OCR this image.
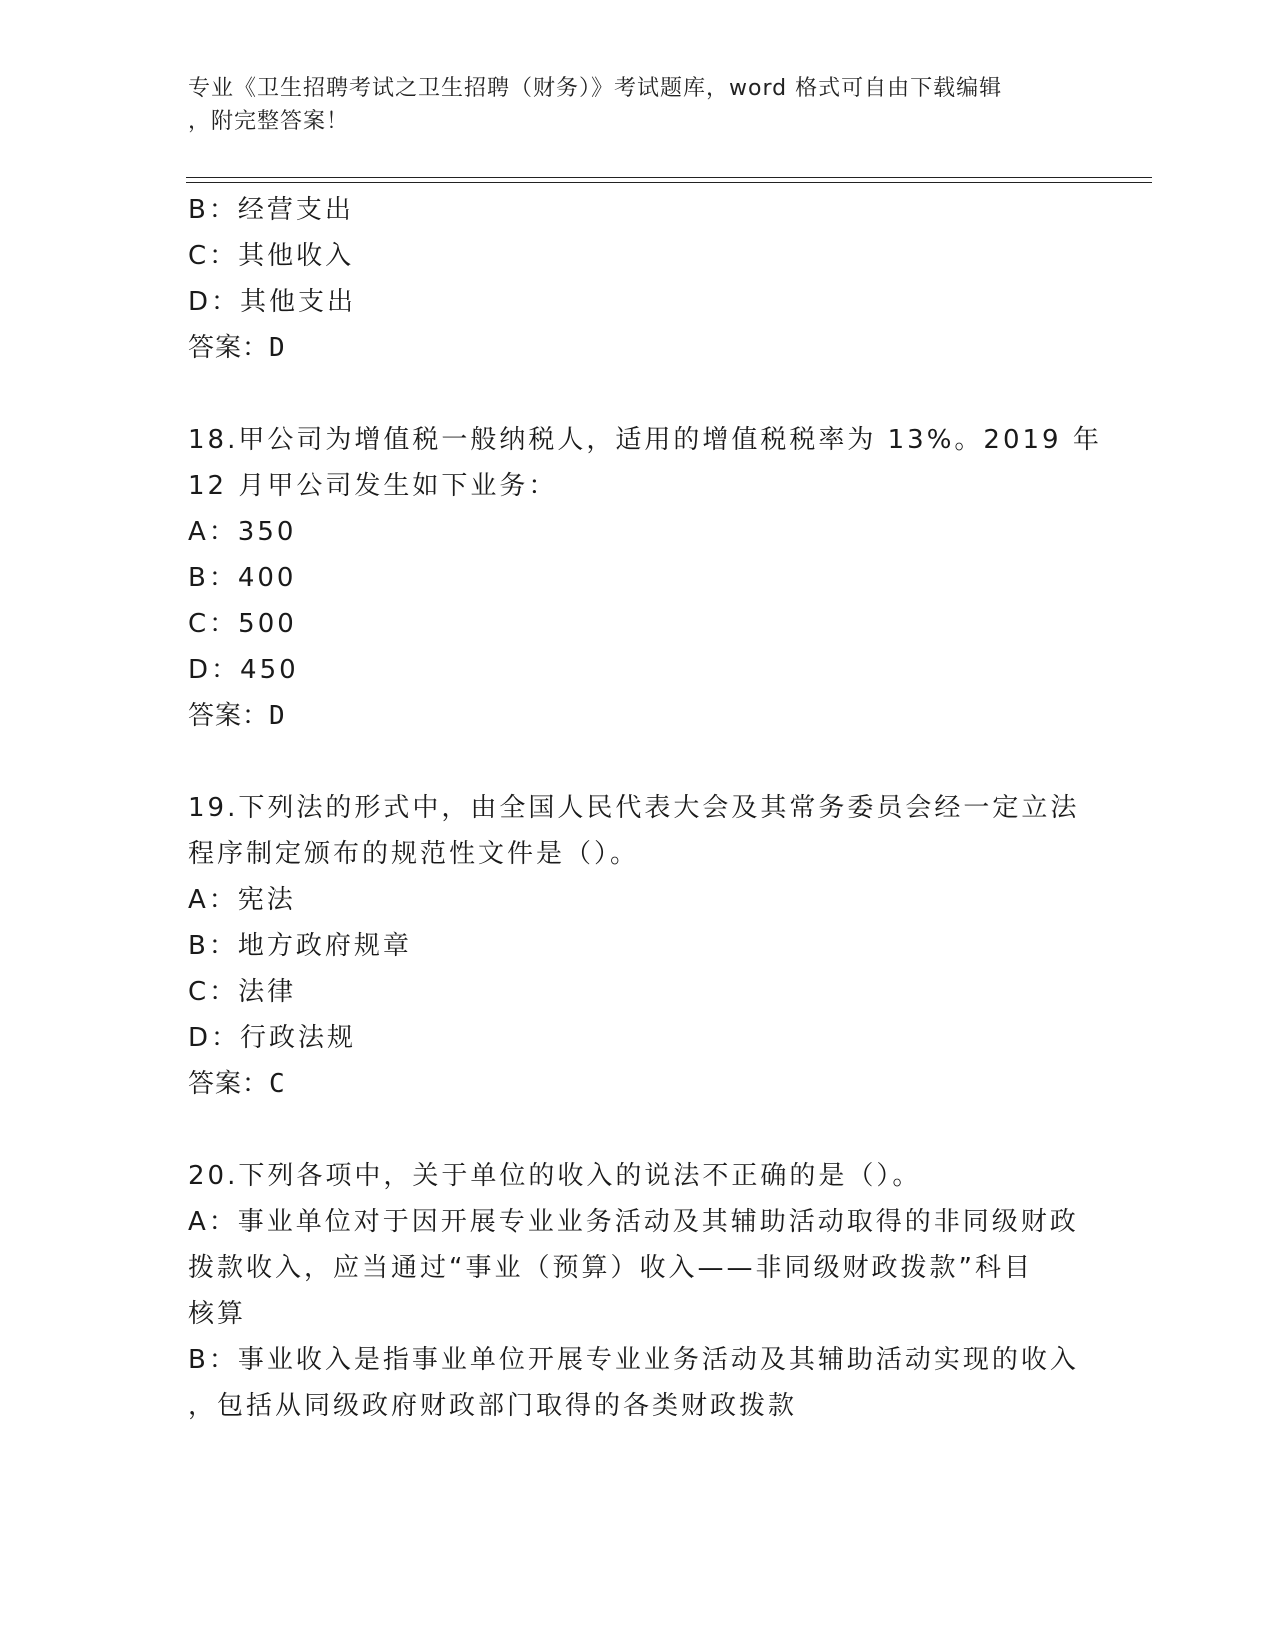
专业《卫生招聘考试之卫生招聘（财务）》考试题库，word 格式可自由下载编辑
，附完整答案！
B：经营支出
C：其他收入
D：其他支出
答案：D
18.甲公司为增值税一般纳税人，适用的增值税税率为 13%。2019 年
12 月甲公司发生如下业务：
A：350
B：400
C：500
D：450
答案：D
19.下列法的形式中，由全国人民代表大会及其常务委员会经一定立法
程序制定颁布的规范性文件是（）。
A：宪法
B：地方政府规章
C：法律
D：行政法规
答案：C
20.下列各项中，关于单位的收入的说法不正确的是（）。
A：事业单位对于因开展专业业务活动及其辅助活动取得的非同级财政
拨款收入，应当通过“事业（预算）收入——非同级财政拨款”科目
核算
B：事业收入是指事业单位开展专业业务活动及其辅助活动实现的收入
，包括从同级政府财政部门取得的各类财政拨款
